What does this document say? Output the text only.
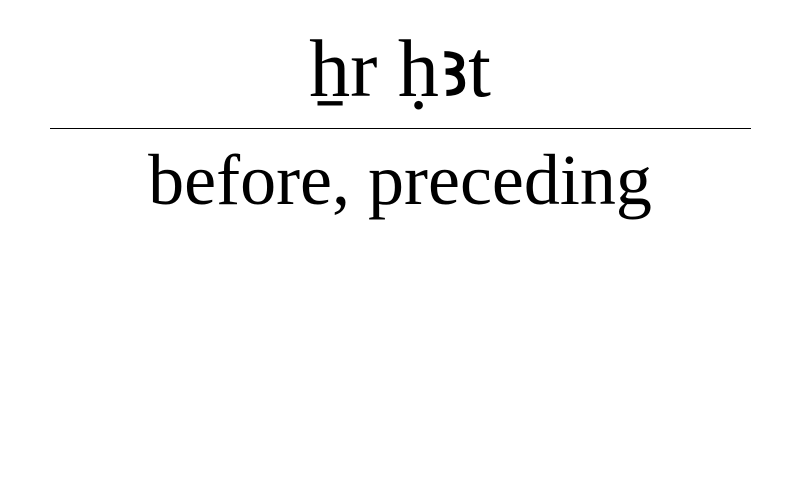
ẖr ḥꜣt
before, preceding
